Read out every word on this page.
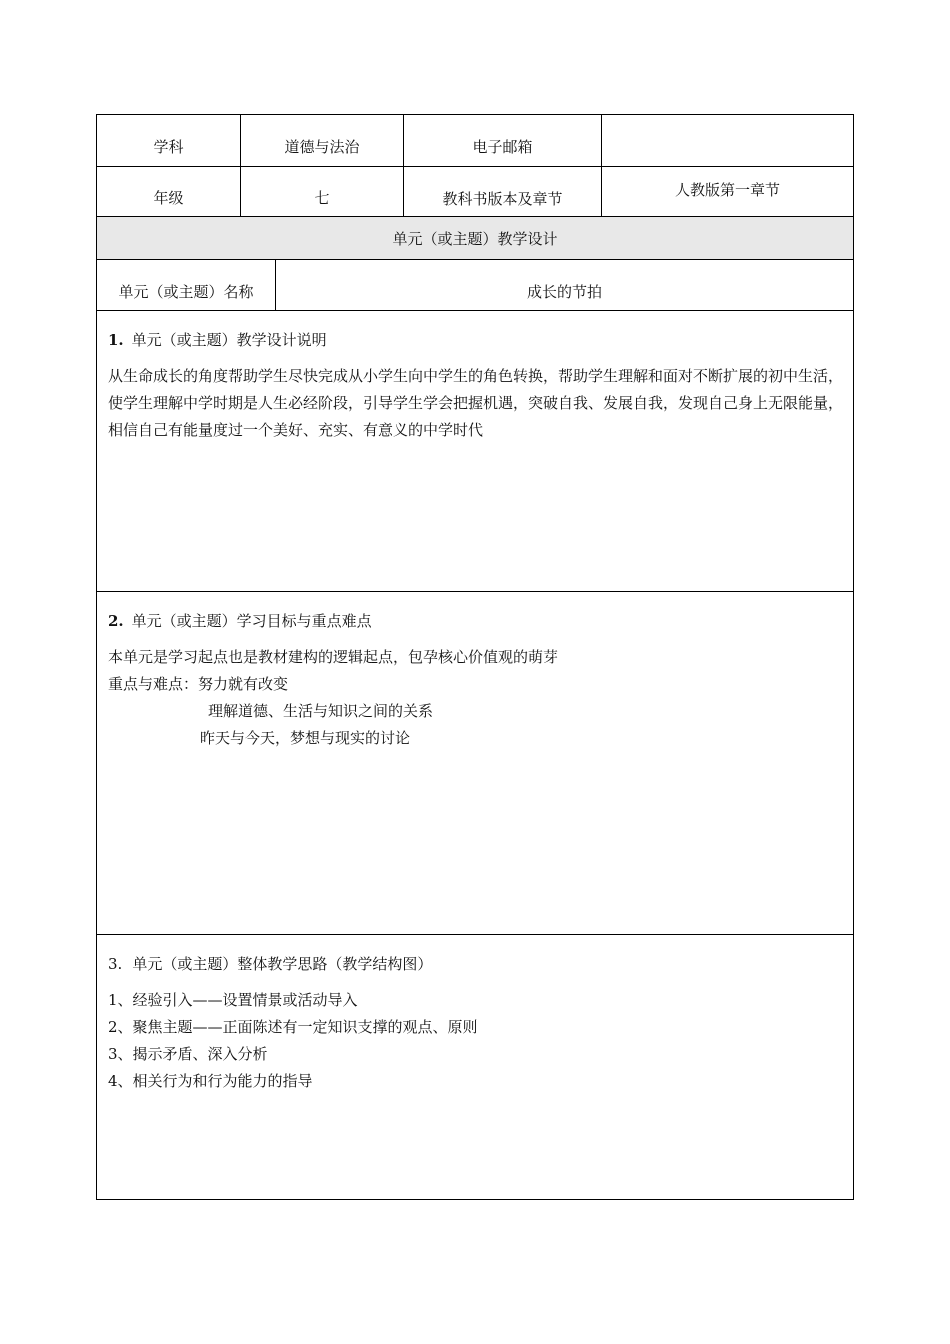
学科	道德与法治	电子邮箱
年级	七	教科书版本及章节	人教版第一章节
单元（或主题）教学设计
单元（或主题）名称	成长的节拍
1. 单元（或主题）教学设计说明

从生命成长的角度帮助学生尽快完成从小学生向中学生的角色转换，帮助学生理解和面对不断扩展的初中生活，使学生理解中学时期是人生必经阶段，引导学生学会把握机遇，突破自我、发展自我，发现自己身上无限能量，相信自己有能量度过一个美好、充实、有意义的中学时代

2. 单元（或主题）学习目标与重点难点

本单元是学习起点也是教材建构的逻辑起点，包孕核心价值观的萌芽

重点与难点：努力就有改变

理解道德、生活与知识之间的关系

昨天与今天，梦想与现实的讨论

3. 单元（或主题）整体教学思路（教学结构图）

1、经验引入——设置情景或活动导入

2、聚焦主题——正面陈述有一定知识支撑的观点、原则

3、揭示矛盾、深入分析

4、相关行为和行为能力的指导
